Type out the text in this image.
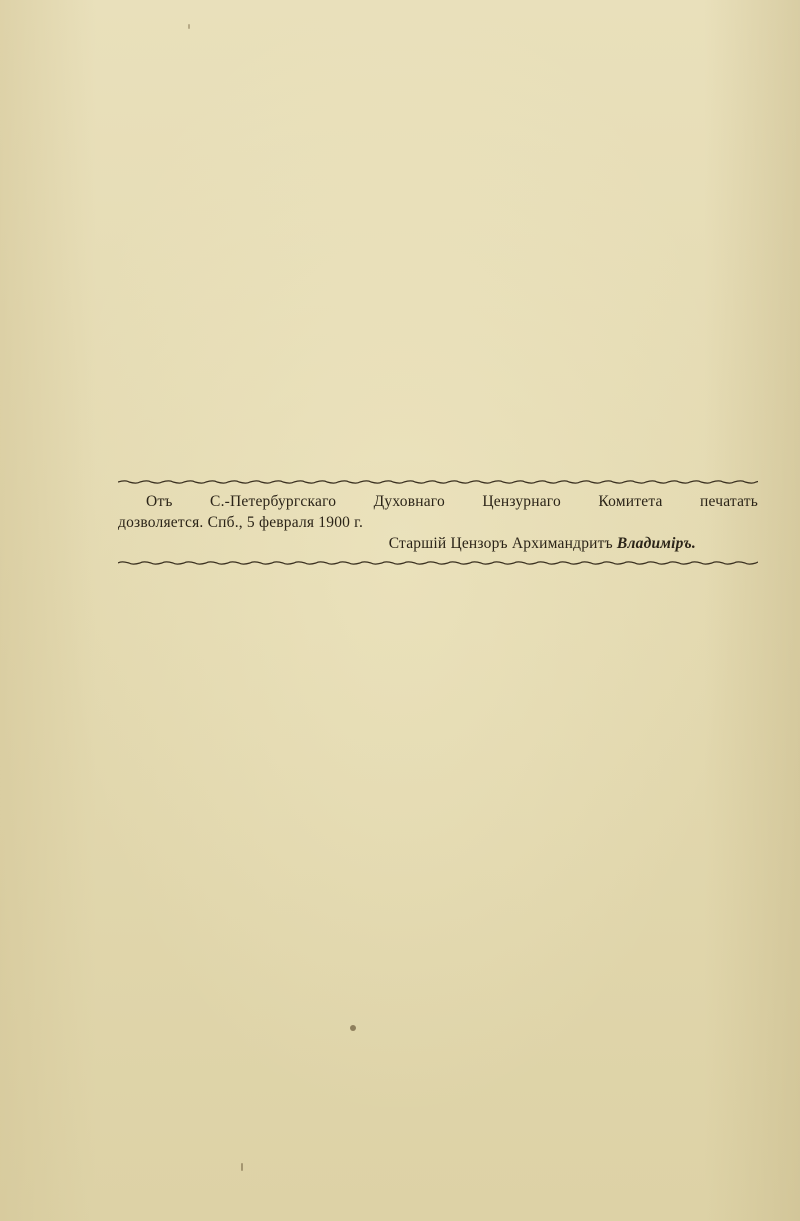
Отъ С.-Петербургскаго Духовнаго Цензурнаго Комитета печатать
дозволяется. Спб., 5 февраля 1900 г.
Старшій Цензоръ Архимандритъ Владиміръ.
